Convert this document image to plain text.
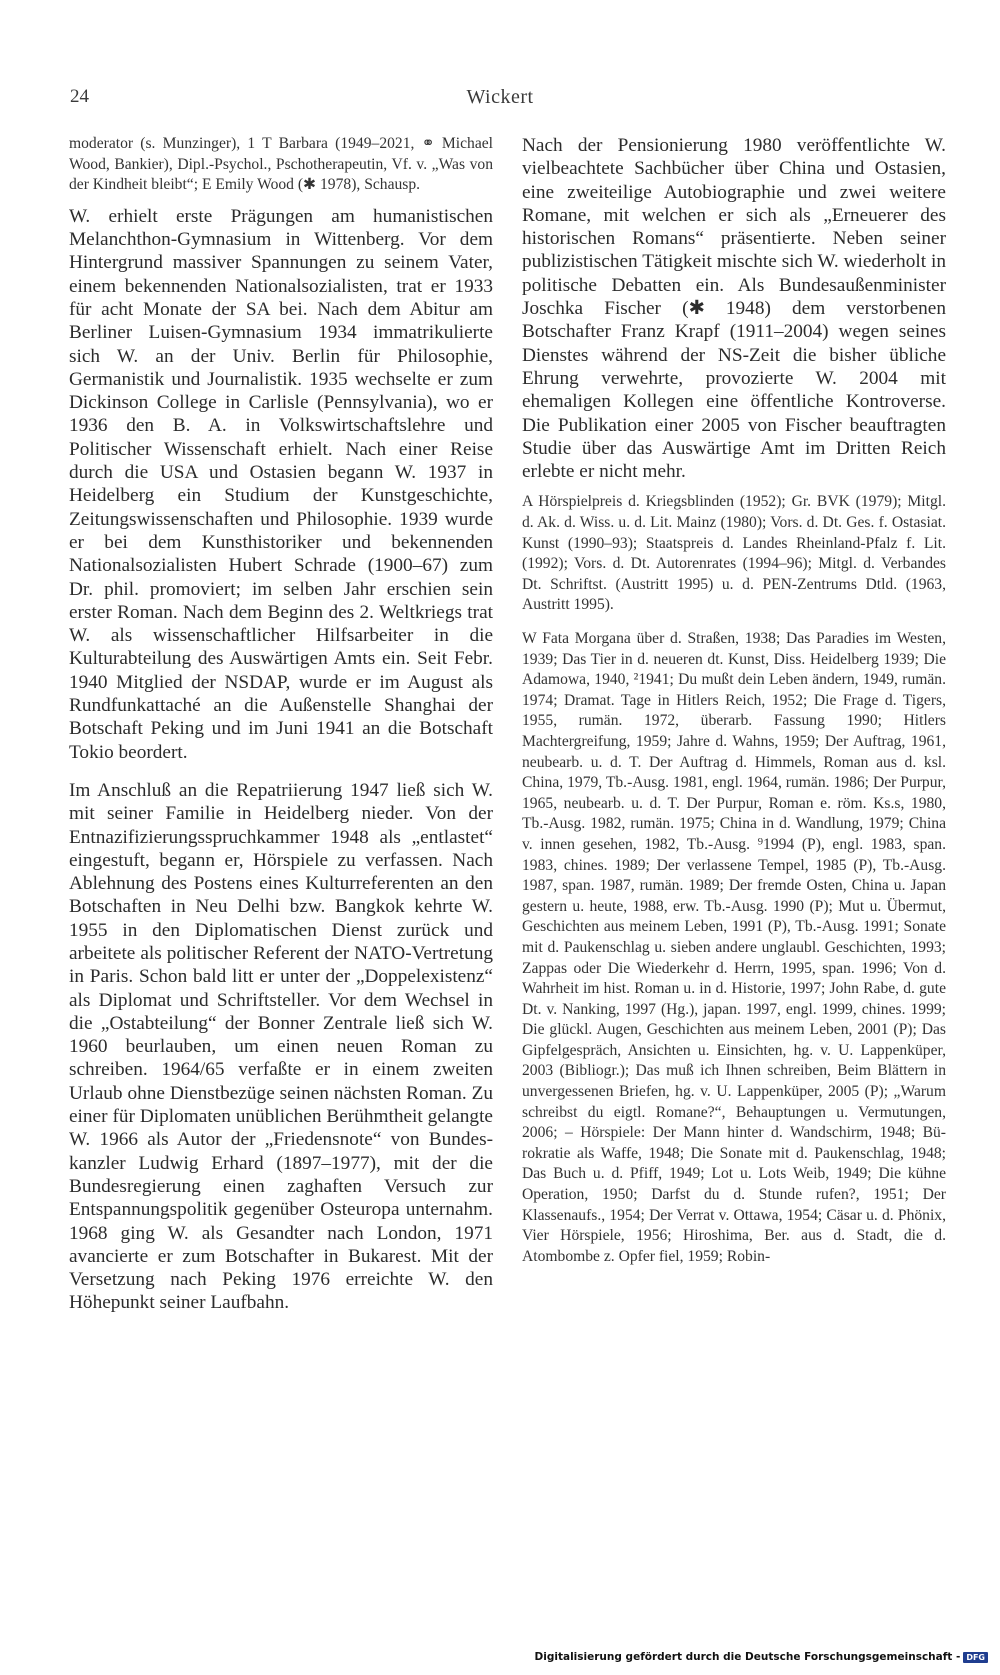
24	Wickert

moderator (s. Munzinger), 1 T Barbara (1949–2021, ⚭ Michael Wood, Bankier), Dipl.-Psychol., Pschotherapeutin, Vf. v. „Was von der Kindheit bleibt“; E Emily Wood (✱ 1978), Schausp.

W. erhielt erste Prägungen am humanistischen Melanchthon-Gymnasium in Wittenberg. Vor dem Hintergrund massiver Spannungen zu seinem Vater, einem bekennenden Nationalsozialisten, trat er 1933 für acht Monate der SA bei. Nach dem Abitur am Berliner Luisen-Gymnasium 1934 immatrikulierte sich W. an der Univ. Berlin für Philosophie, Germanistik und Journalistik. 1935 wechselte er zum Dickinson College in Carlisle (Pennsylvania), wo er 1936 den B. A. in Volkswirtschaftslehre und Politischer Wissenschaft erhielt. Nach einer Reise durch die USA und Ostasien begann W. 1937 in Heidelberg ein Studium der Kunstgeschichte, Zeitungswissenschaften und Philosophie. 1939 wurde er bei dem Kunsthistoriker und bekennenden Nationalsozialisten Hubert Schrade (1900–67) zum Dr. phil. promoviert; im selben Jahr erschien sein erster Roman. Nach dem Beginn des 2. Weltkriegs trat W. als wissenschaftlicher Hilfsarbeiter in die Kulturabteilung des Auswärtigen Amts ein. Seit Febr. 1940 Mitglied der NSDAP, wurde er im August als Rundfunkattaché an die Außenstelle Shanghai der Botschaft Peking und im Juni 1941 an die Botschaft Tokio beordert.

Im Anschluß an die Repatriierung 1947 ließ sich W. mit seiner Familie in Heidelberg nieder. Von der Entnazifizierungsspruchkammer 1948 als „entlastet“ eingestuft, begann er, Hörspiele zu verfassen. Nach Ablehnung des Postens eines Kulturreferenten an den Botschaften in Neu Delhi bzw. Bangkok kehrte W. 1955 in den Diplomatischen Dienst zurück und arbeitete als politischer Referent der NATO-Vertretung in Paris. Schon bald litt er unter der „Doppelexistenz“ als Diplomat und Schriftsteller. Vor dem Wechsel in die „Ostabteilung“ der Bonner Zentrale ließ sich W. 1960 beurlauben, um einen neuen Roman zu schreiben. 1964/65 verfaßte er in einem zweiten Urlaub ohne Dienstbezüge seinen nächsten Roman. Zu einer für Diplomaten unüblichen Berühmtheit gelangte W. 1966 als Autor der „Friedensnote“ von Bundeskanzler Ludwig Erhard (1897–1977), mit der die Bundesregierung einen zaghaften Versuch zur Entspannungspolitik gegenüber Osteuropa unternahm. 1968 ging W. als Gesandter nach London, 1971 avancierte er zum Botschafter in Bukarest. Mit der Versetzung nach Peking 1976 erreichte W. den Höhepunkt seiner Laufbahn.

Nach der Pensionierung 1980 veröffentlichte W. vielbeachtete Sachbücher über China und Ostasien, eine zweiteilige Autobiographie und zwei weitere Romane, mit welchen er sich als „Erneuerer des historischen Romans“ präsentierte. Neben seiner publizistischen Tätigkeit mischte sich W. wiederholt in politische Debatten ein. Als Bundesaußenminister Joschka Fischer (✱ 1948) dem verstorbenen Botschafter Franz Krapf (1911–2004) wegen seines Dienstes während der NS-Zeit die bisher übliche Ehrung verwehrte, provozierte W. 2004 mit ehemaligen Kollegen eine öffentliche Kontroverse. Die Publikation einer 2005 von Fischer beauftragten Studie über das Auswärtige Amt im Dritten Reich erlebte er nicht mehr.

A Hörspielpreis d. Kriegsblinden (1952); Gr. BVK (1979); Mitgl. d. Ak. d. Wiss. u. d. Lit. Mainz (1980); Vors. d. Dt. Ges. f. Ostasiat. Kunst (1990–93); Staatspreis d. Landes Rheinland-Pfalz f. Lit. (1992); Vors. d. Dt. Autorenrates (1994–96); Mitgl. d. Verbandes Dt. Schriftst. (Austritt 1995) u. d. PEN-Zentrums Dtld. (1963, Austritt 1995).

W Fata Morgana über d. Straßen, 1938; Das Paradies im Westen, 1939; Das Tier in d. neueren dt. Kunst, Diss. Heidelberg 1939; Die Adamowa, 1940, ²1941; Du mußt dein Leben ändern, 1949, rumän. 1974; Dramat. Tage in Hitlers Reich, 1952; Die Frage d. Tigers, 1955, rumän. 1972, überarb. Fassung 1990; Hitlers Machtergreifung, 1959; Jahre d. Wahns, 1959; Der Auftrag, 1961, neubearb. u. d. T. Der Auftrag d. Himmels, Roman aus d. ksl. China, 1979, Tb.-Ausg. 1981, engl. 1964, rumän. 1986; Der Purpur, 1965, neubearb. u. d. T. Der Purpur, Roman e. röm. Ks.s, 1980, Tb.-Ausg. 1982, rumän. 1975; China in d. Wandlung, 1979; China v. innen gesehen, 1982, Tb.-Ausg. ⁹1994 (P), engl. 1983, span. 1983, chines. 1989; Der verlassene Tempel, 1985 (P), Tb.-Ausg. 1987, span. 1987, rumän. 1989; Der fremde Osten, China u. Japan gestern u. heute, 1988, erw. Tb.-Ausg. 1990 (P); Mut u. Übermut, Geschichten aus meinem Leben, 1991 (P), Tb.-Ausg. 1991; Sonate mit d. Paukenschlag u. sieben andere unglaubl. Geschichten, 1993; Zappas oder Die Wiederkehr d. Herrn, 1995, span. 1996; Von d. Wahrheit im hist. Roman u. in d. Historie, 1997; John Rabe, d. gute Dt. v. Nanking, 1997 (Hg.), japan. 1997, engl. 1999, chines. 1999; Die glückl. Augen, Geschichten aus meinem Leben, 2001 (P); Das Gipfelgespräch, Ansichten u. Einsichten, hg. v. U. Lappenküper, 2003 (Bibliogr.); Das muß ich Ihnen schreiben, Beim Blättern in unvergessenen Briefen, hg. v. U. Lappenküper, 2005 (P); „Warum schreibst du eigtl. Romane?“, Behauptungen u. Vermutungen, 2006; – Hörspiele: Der Mann hinter d. Wandschirm, 1948; Bürokratie als Waffe, 1948; Die Sonate mit d. Paukenschlag, 1948; Das Buch u. d. Pfiff, 1949; Lot u. Lots Weib, 1949; Die kühne Operation, 1950; Darfst du d. Stunde rufen?, 1951; Der Klassenaufs., 1954; Der Verrat v. Ottawa, 1954; Cäsar u. d. Phönix, Vier Hörspiele, 1956; Hiroshima, Ber. aus d. Stadt, die d. Atombombe z. Opfer fiel, 1959; Robin-

Digitalisierung gefördert durch die Deutsche Forschungsgemeinschaft - DFG
